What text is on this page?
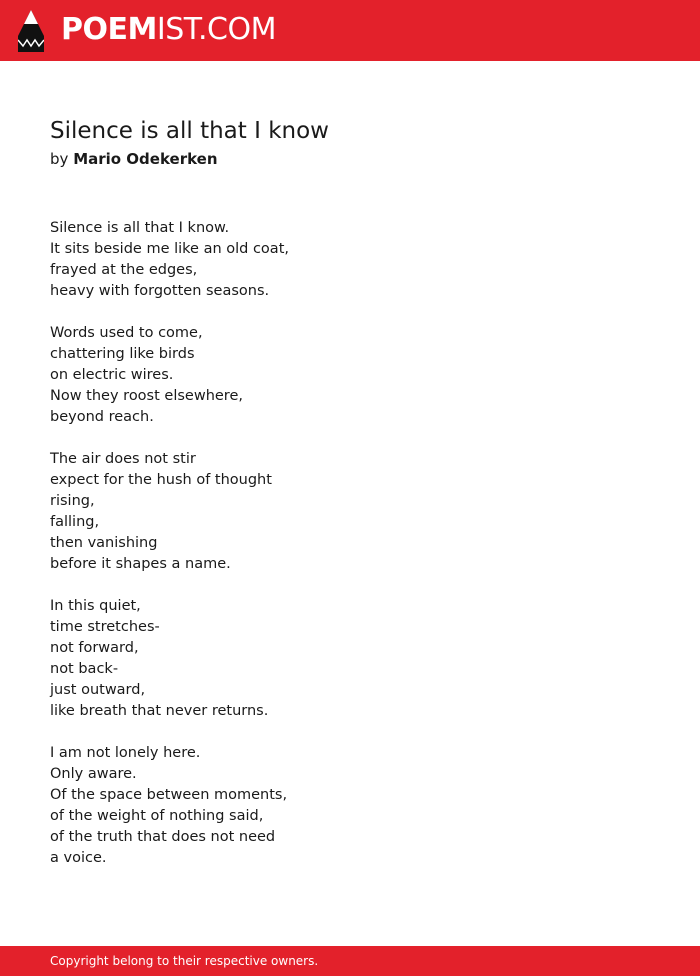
POEMIST.COM
Silence is all that I know
by Mario Odekerken
Silence is all that I know.
It sits beside me like an old coat,
frayed at the edges,
heavy with forgotten seasons.
Words used to come,
chattering like birds
on electric wires.
Now they roost elsewhere,
beyond reach.
The air does not stir
expect for the hush of thought
rising,
falling,
then vanishing
before it shapes a name.
In this quiet,
time stretches-
not forward,
not back-
just outward,
like breath that never returns.
I am not lonely here.
Only aware.
Of the space between moments,
of the weight of nothing said,
of the truth that does not need
a voice.
Copyright belong to their respective owners.
